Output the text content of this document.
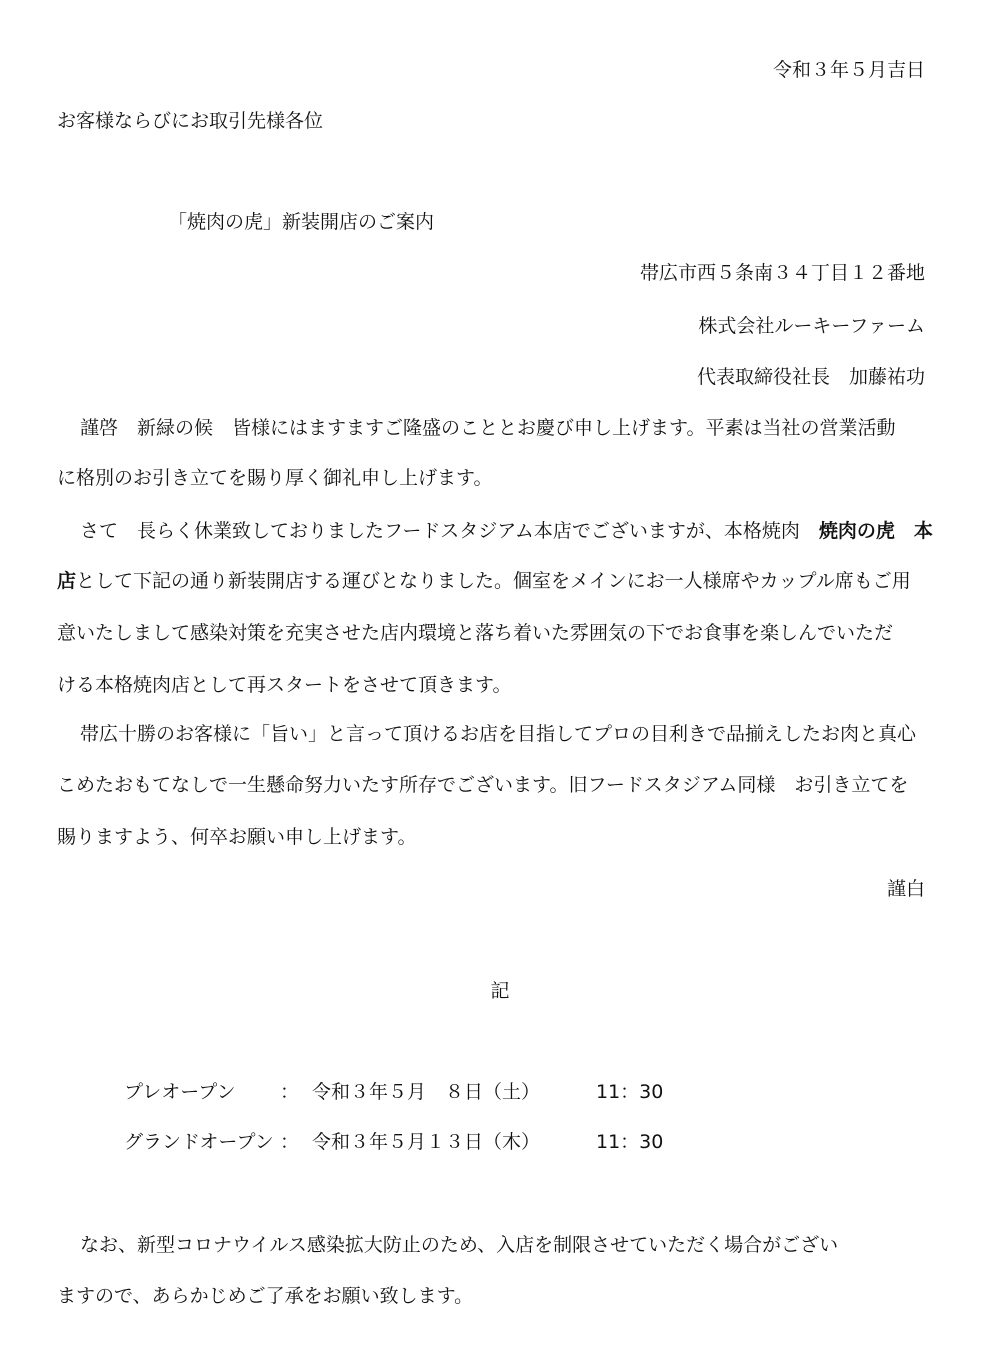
令和３年５月吉日
お客様ならびにお取引先様各位
「焼肉の虎」新装開店のご案内
帯広市西５条南３４丁目１２番地
株式会社ルーキーファーム
代表取締役社長　加藤祐功
謹啓　新緑の候　皆様にはますますご隆盛のこととお慶び申し上げます。平素は当社の営業活動
に格別のお引き立てを賜り厚く御礼申し上げます。
さて　長らく休業致しておりましたフードスタジアム本店でございますが、本格焼肉　焼肉の虎　本
店として下記の通り新装開店する運びとなりました。個室をメインにお一人様席やカップル席もご用
意いたしまして感染対策を充実させた店内環境と落ち着いた雰囲気の下でお食事を楽しんでいただ
ける本格焼肉店として再スタートをさせて頂きます。
帯広十勝のお客様に「旨い」と言って頂けるお店を目指してプロの目利きで品揃えしたお肉と真心
こめたおもてなしで一生懸命努力いたす所存でございます。旧フードスタジアム同様　お引き立てを
賜りますよう、何卒お願い申し上げます。
謹白
記
プレオープン	： 令和３年５月　８日（土）	11：30
グランドオープン ： 令和３年５月１３日（木）	11：30
なお、新型コロナウイルス感染拡大防止のため、入店を制限させていただく場合がござい
ますので、あらかじめご了承をお願い致します。
